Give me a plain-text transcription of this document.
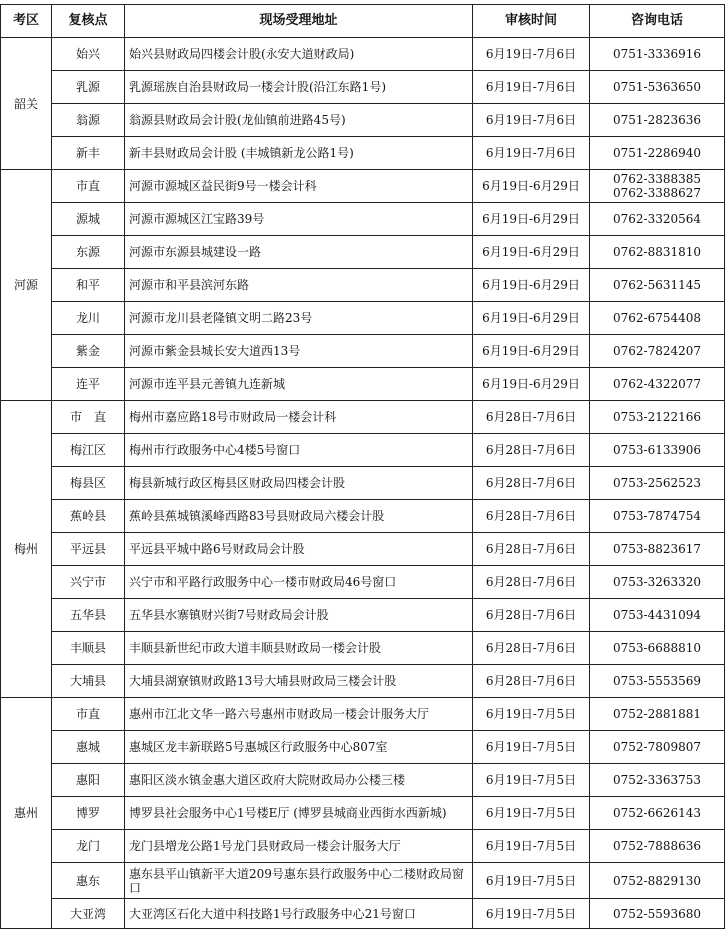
考区	复核点	现场受理地址	审核时间	咨询电话
韶关	始兴	始兴县财政局四楼会计股(永安大道财政局)	6月19日-7月6日	0751-3336916

	乳源	乳源瑶族自治县财政局一楼会计股(沿江东路1号)	6月19日-7月6日	0751-5363650

	翁源	翁源县财政局会计股(龙仙镇前进路45号)	6月19日-7月6日	0751-2823636

	新丰	新丰县财政局会计股 (丰城镇新龙公路1号)	6月19日-7月6日	0751-2286940

河源	市直	河源市源城区益民街9号一楼会计科	6月19日-6月29日	0762-3388385
0762-3388627

	源城	河源市源城区江宝路39号	6月19日-6月29日	0762-3320564

	东源	河源市东源县城建设一路	6月19日-6月29日	0762-8831810

	和平	河源市和平县滨河东路	6月19日-6月29日	0762-5631145

	龙川	河源市龙川县老隆镇文明二路23号	6月19日-6月29日	0762-6754408

	紫金	河源市紫金县城长安大道西13号	6月19日-6月29日	0762-7824207

	连平	河源市连平县元善镇九连新城	6月19日-6月29日	0762-4322077

梅州	市　直	梅州市嘉应路18号市财政局一楼会计科	6月28日-7月6日	0753-2122166

	梅江区	梅州市行政服务中心4楼5号窗口	6月28日-7月6日	0753-6133906

	梅县区	梅县新城行政区梅县区财政局四楼会计股	6月28日-7月6日	0753-2562523

	蕉岭县	蕉岭县蕉城镇溪峰西路83号县财政局六楼会计股	6月28日-7月6日	0753-7874754

	平远县	平远县平城中路6号财政局会计股	6月28日-7月6日	0753-8823617

	兴宁市	兴宁市和平路行政服务中心一楼市财政局46号窗口	6月28日-7月6日	0753-3263320

	五华县	五华县水寨镇财兴街7号财政局会计股	6月28日-7月6日	0753-4431094

	丰顺县	丰顺县新世纪市政大道丰顺县财政局一楼会计股	6月28日-7月6日	0753-6688810

	大埔县	大埔县湖寮镇财政路13号大埔县财政局三楼会计股	6月28日-7月6日	0753-5553569

惠州	市直	惠州市江北文华一路六号惠州市财政局一楼会计服务大厅	6月19日-7月5日	0752-2881881

	惠城	惠城区龙丰新联路5号惠城区行政服务中心807室	6月19日-7月5日	0752-7809807

	惠阳	惠阳区淡水镇金惠大道区政府大院财政局办公楼三楼	6月19日-7月5日	0752-3363753

	博罗	博罗县社会服务中心1号楼E厅 (博罗县城商业西街水西新城)	6月19日-7月5日	0752-6626143

	龙门	龙门县增龙公路1号龙门县财政局一楼会计服务大厅	6月19日-7月5日	0752-7888636

	惠东	惠东县平山镇新平大道209号惠东县行政服务中心二楼财政局窗口	6月19日-7月5日	0752-8829130

	大亚湾	大亚湾区石化大道中科技路1号行政服务中心21号窗口	6月19日-7月5日	0752-5593680
